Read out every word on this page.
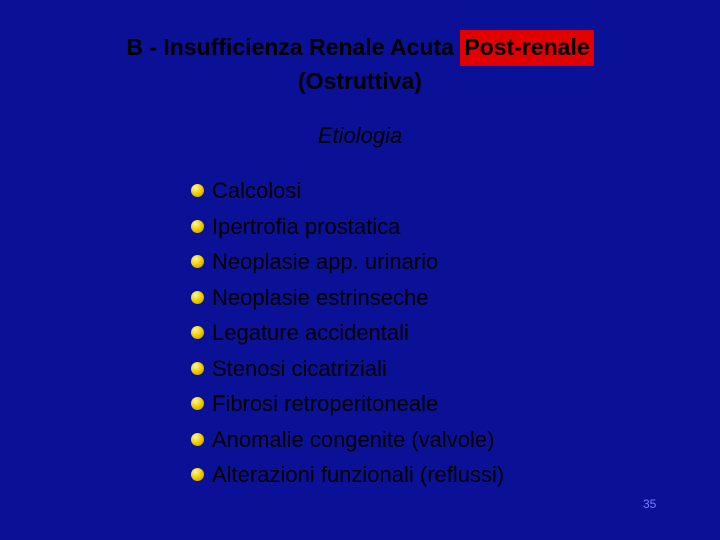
B - Insufficienza Renale Acuta Post-renale
(Ostruttiva)
Etiologia
Calcolosi
Ipertrofia prostatica
Neoplasie app. urinario
Neoplasie estrinseche
Legature accidentali
Stenosi cicatriziali
Fibrosi retroperitoneale
Anomalie congenite (valvole)
Alterazioni funzionali (reflussi)
35
